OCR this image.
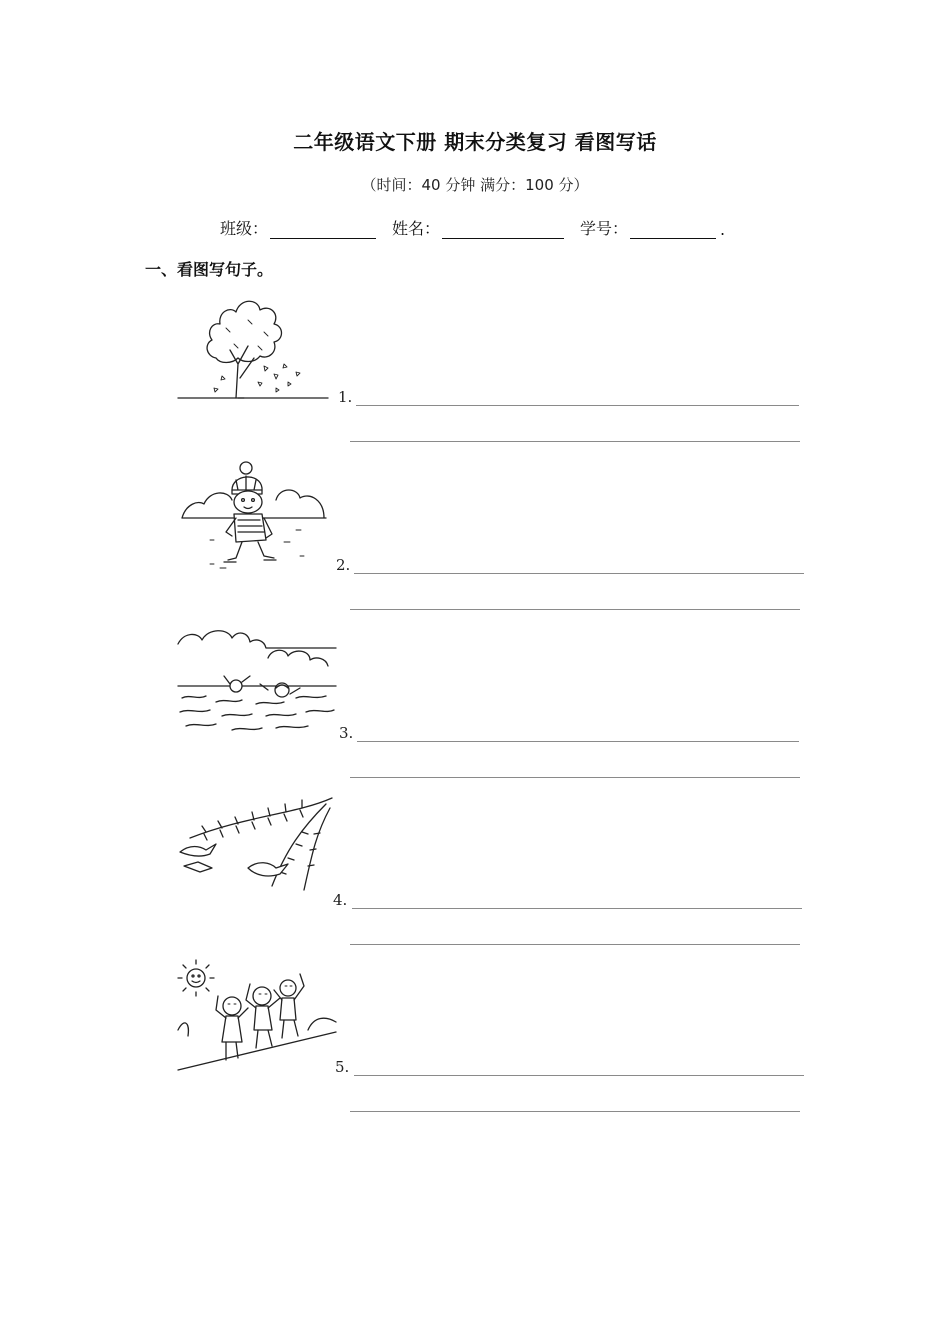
二年级语文下册 期末分类复习 看图写话
（时间：40 分钟 满分：100 分）
班级：	姓名：	学号：	.
一、看图写句子。
1.
2.
3.
4.
5.
